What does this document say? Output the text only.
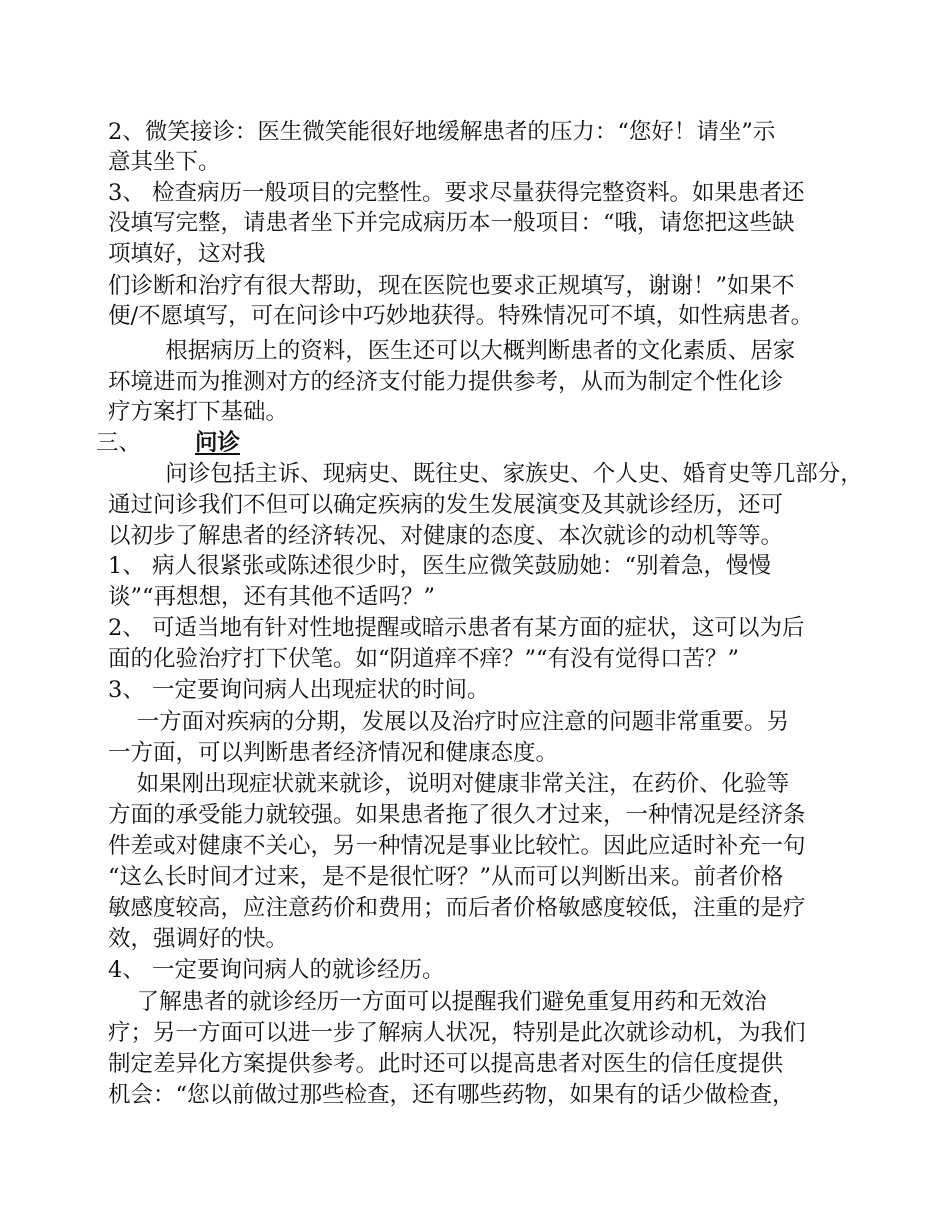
2、微笑接诊：医生微笑能很好地缓解患者的压力：“您好！请坐”示
意其坐下。
3、 检查病历一般项目的完整性。要求尽量获得完整资料。如果患者还
没填写完整，请患者坐下并完成病历本一般项目：“哦，请您把这些缺
项填好，这对我
们诊断和治疗有很大帮助，现在医院也要求正规填写，谢谢！”如果不
便/不愿填写，可在问诊中巧妙地获得。特殊情况可不填，如性病患者。
根据病历上的资料，医生还可以大概判断患者的文化素质、居家
环境进而为推测对方的经济支付能力提供参考，从而为制定个性化诊
疗方案打下基础。
三、 问诊
问诊包括主诉、现病史、既往史、家族史、个人史、婚育史等几部分，
通过问诊我们不但可以确定疾病的发生发展演变及其就诊经历，还可
以初步了解患者的经济转况、对健康的态度、本次就诊的动机等等。
1、 病人很紧张或陈述很少时，医生应微笑鼓励她：“别着急，慢慢
谈”“再想想，还有其他不适吗？”
2、 可适当地有针对性地提醒或暗示患者有某方面的症状，这可以为后
面的化验治疗打下伏笔。如“阴道痒不痒？”“有没有觉得口苦？”
3、 一定要询问病人出现症状的时间。
一方面对疾病的分期，发展以及治疗时应注意的问题非常重要。另
一方面，可以判断患者经济情况和健康态度。
如果刚出现症状就来就诊，说明对健康非常关注，在药价、化验等
方面的承受能力就较强。如果患者拖了很久才过来，一种情况是经济条
件差或对健康不关心，另一种情况是事业比较忙。因此应适时补充一句
“这么长时间才过来，是不是很忙呀？”从而可以判断出来。前者价格
敏感度较高，应注意药价和费用；而后者价格敏感度较低，注重的是疗
效，强调好的快。
4、 一定要询问病人的就诊经历。
了解患者的就诊经历一方面可以提醒我们避免重复用药和无效治
疗；另一方面可以进一步了解病人状况，特别是此次就诊动机，为我们
制定差异化方案提供参考。此时还可以提高患者对医生的信任度提供
机会：“您以前做过那些检查，还有哪些药物，如果有的话少做检查，
